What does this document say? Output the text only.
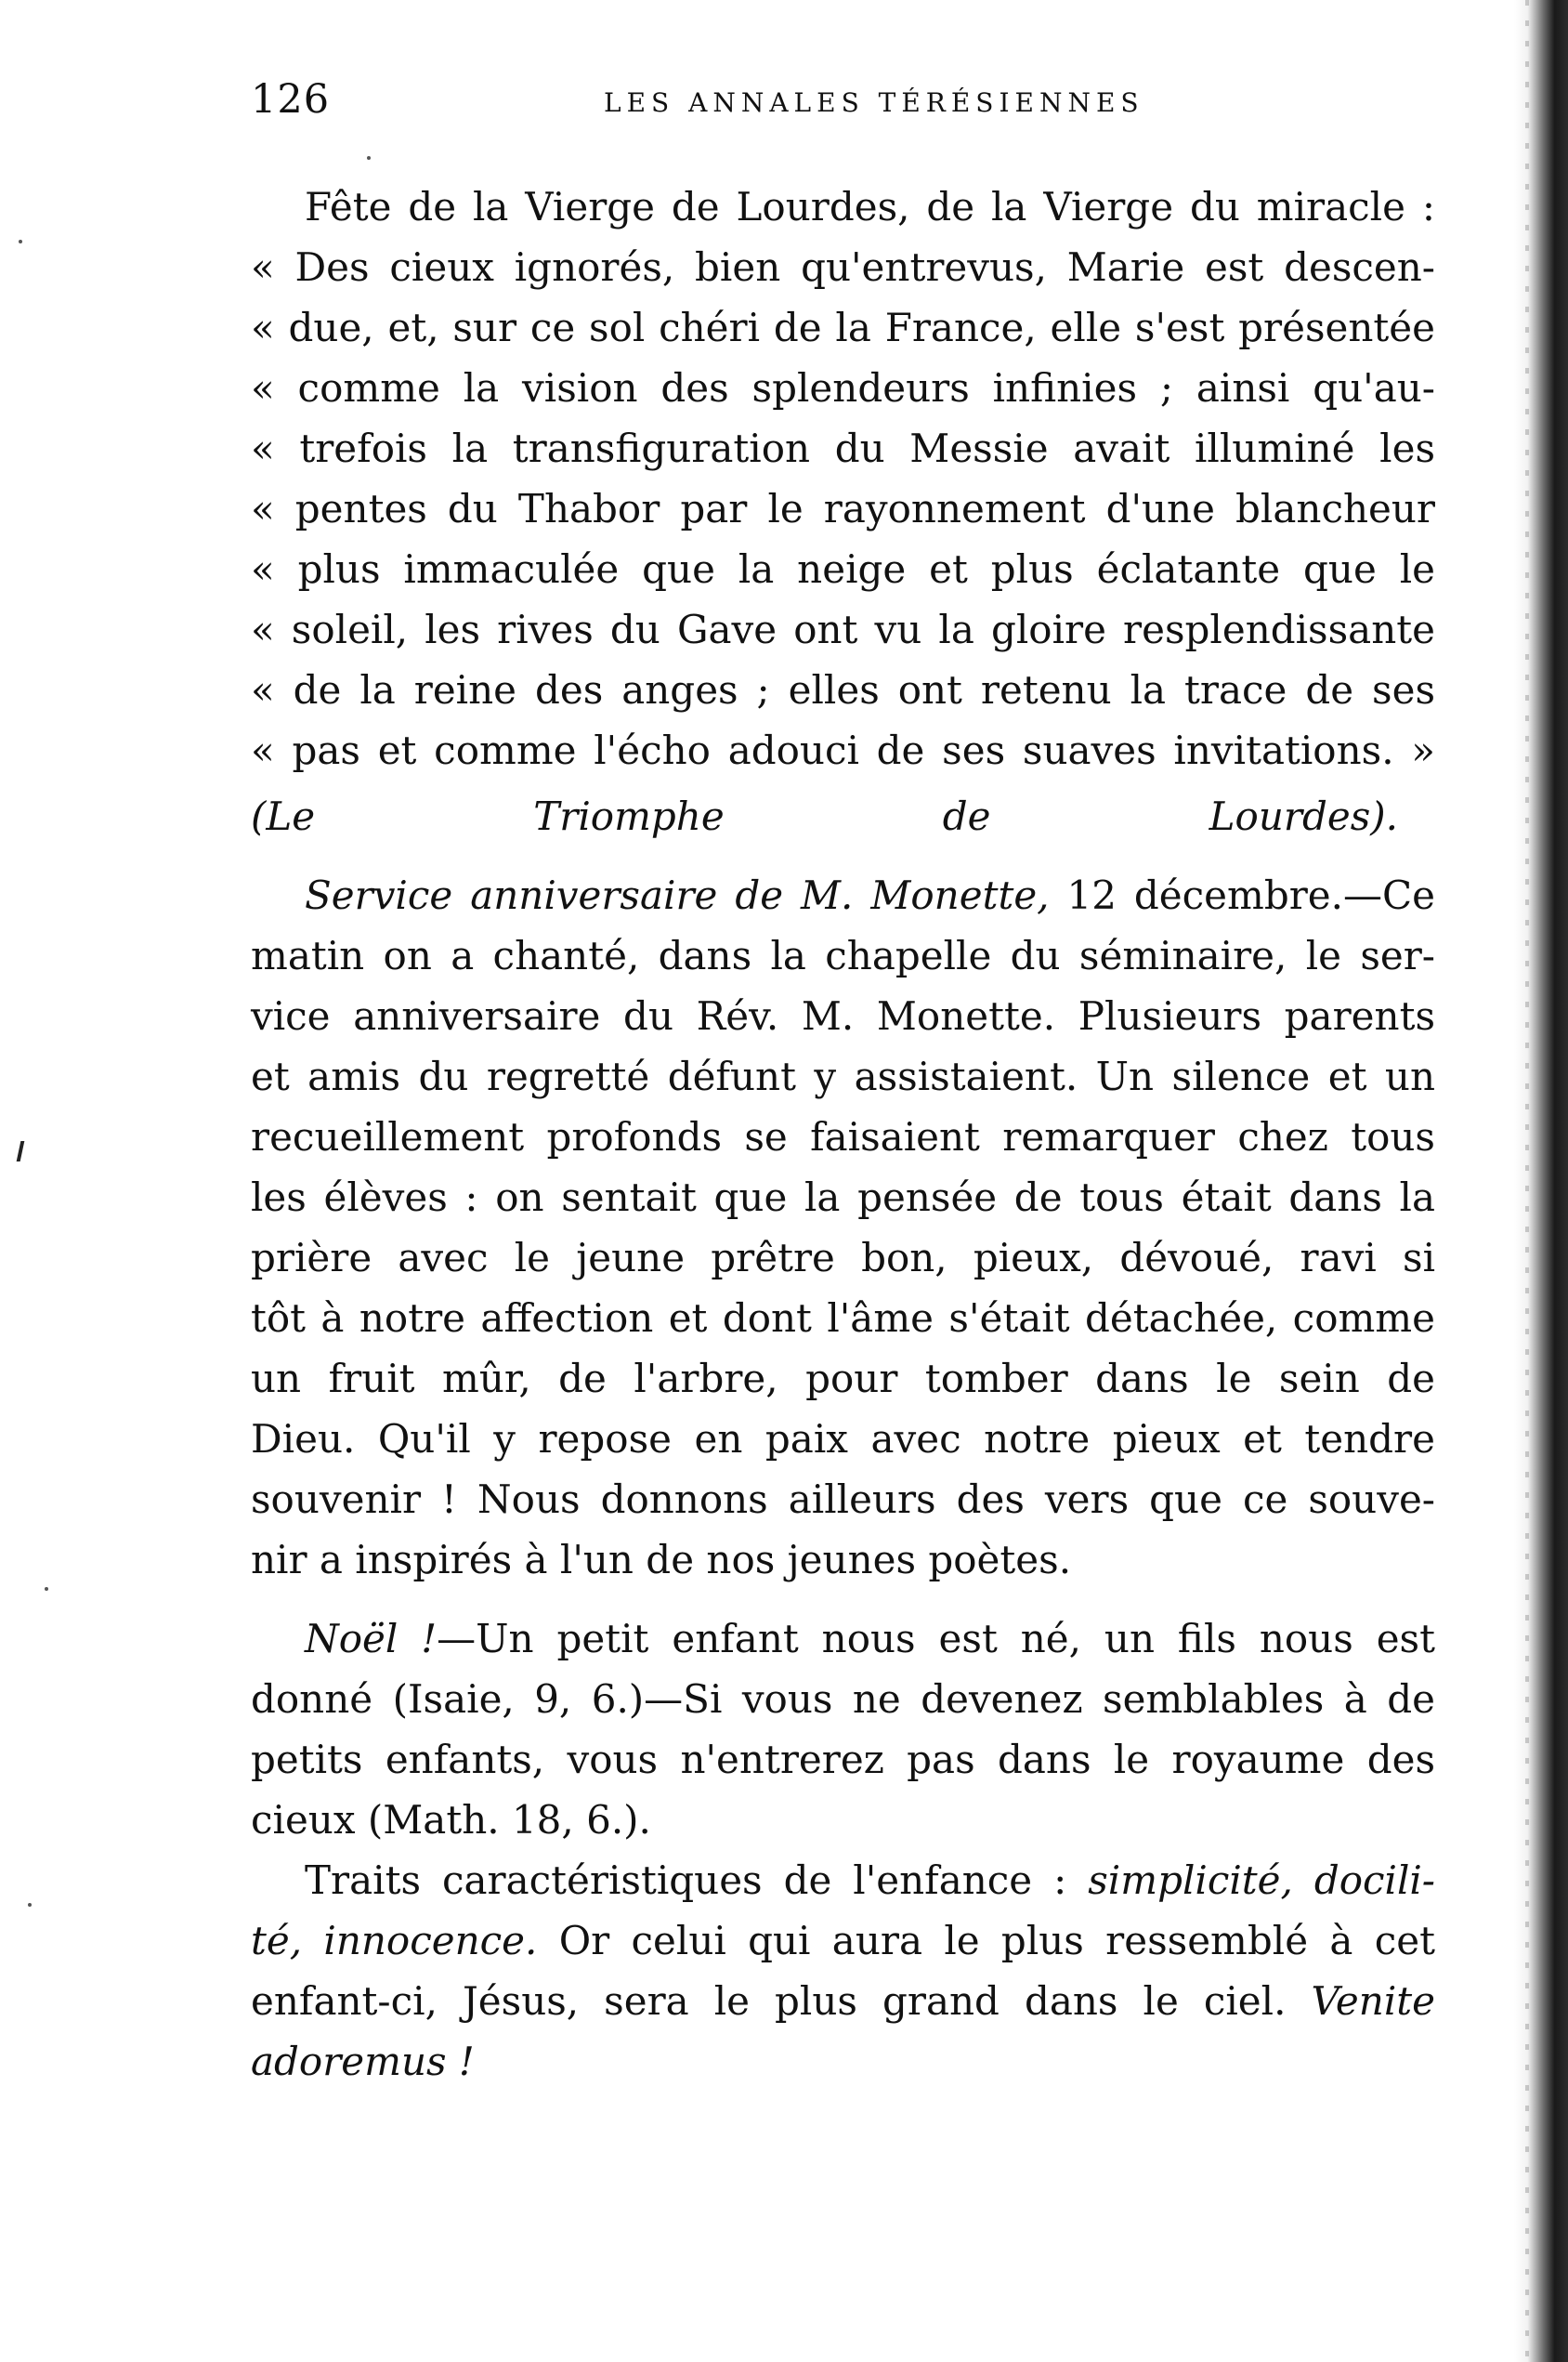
126	LES ANNALES TÉRÉSIENNES
Fête de la Vierge de Lourdes, de la Vierge du miracle :
« Des cieux ignorés, bien qu'entrevus, Marie est descen-
« due, et, sur ce sol chéri de la France, elle s'est présentée
« comme la vision des splendeurs infinies ; ainsi qu'au-
« trefois la transfiguration du Messie avait illuminé les
« pentes du Thabor par le rayonnement d'une blancheur
« plus immaculée que la neige et plus éclatante que le
« soleil, les rives du Gave ont vu la gloire resplendissante
« de la reine des anges ; elles ont retenu la trace de ses
« pas et comme l'écho adouci de ses suaves invitations. »
(Le Triomphe de Lourdes).
Service anniversaire de M. Monette, 12 décembre.—Ce
matin on a chanté, dans la chapelle du séminaire, le ser-
vice anniversaire du Rév. M. Monette. Plusieurs parents
et amis du regretté défunt y assistaient. Un silence et un
recueillement profonds se faisaient remarquer chez tous
les élèves : on sentait que la pensée de tous était dans la
prière avec le jeune prêtre bon, pieux, dévoué, ravi si
tôt à notre affection et dont l'âme s'était détachée, comme
un fruit mûr, de l'arbre, pour tomber dans le sein de
Dieu. Qu'il y repose en paix avec notre pieux et tendre
souvenir ! Nous donnons ailleurs des vers que ce souve-
nir a inspirés à l'un de nos jeunes poètes.
Noël !—Un petit enfant nous est né, un fils nous est
donné (Isaie, 9, 6.)—Si vous ne devenez semblables à de
petits enfants, vous n'entrerez pas dans le royaume des
cieux (Math. 18, 6.).
Traits caractéristiques de l'enfance : simplicité, docili-
té, innocence. Or celui qui aura le plus ressemblé à cet
enfant-ci, Jésus, sera le plus grand dans le ciel. Venite
adoremus !
